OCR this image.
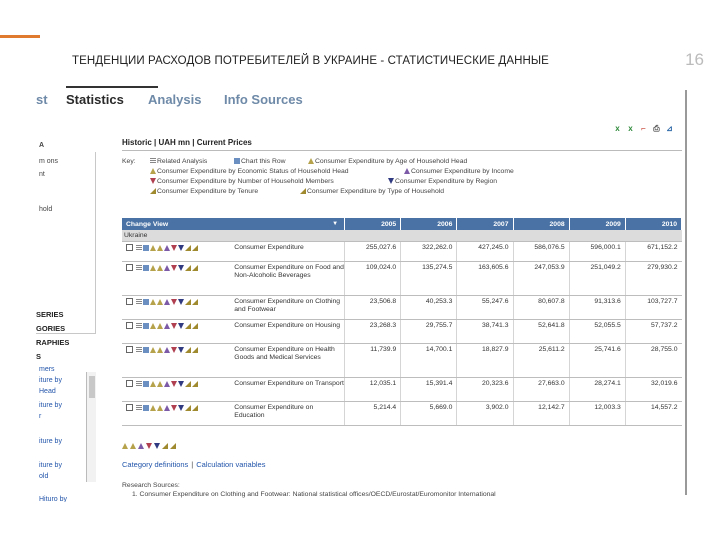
ТЕНДЕНЦИИ РАСХОДОВ ПОТРЕБИТЕЛЕЙ В УКРАИНЕ - СТАТИСТИЧЕСКИЕ ДАННЫЕ	16
st Statistics Analysis Info Sources
A
m ons
nt
hold
SERIES
GORIES
RAPHIES
S
mers
iture by
Head
iture by
r
iture by
iture by
old
Hituro by
x x ⌐ ⎙ ⊿
Historic | UAH mn | Current Prices
Key:	Related Analysis	Chart this Row	Consumer Expenditure by Age of Household Head
Consumer Expenditure by Economic Status of Household Head	Consumer Expenditure by Income
Consumer Expenditure by Number of Household Members	Consumer Expenditure by Region
Consumer Expenditure by Tenure	Consumer Expenditure by Type of Household
Change View ▼		2005	2006	2007	2008	2009	2010
Ukraine							
	Consumer Expenditure	255,027.6	322,262.0	427,245.0	586,076.5	596,000.1	671,152.2
	Consumer Expenditure on Food and Non-Alcoholic Beverages	109,024.0	135,274.5	163,605.6	247,053.9	251,049.2	279,930.2
	Consumer Expenditure on Clothing and Footwear	23,506.8	40,253.3	55,247.6	80,607.8	91,313.6	103,727.7
	Consumer Expenditure on Housing	23,268.3	29,755.7	38,741.3	52,641.8	52,055.5	57,737.2
	Consumer Expenditure on Health Goods and Medical Services	11,739.9	14,700.1	18,827.9	25,611.2	25,741.6	28,755.0
	Consumer Expenditure on Transport	12,035.1	15,391.4	20,323.6	27,663.0	28,274.1	32,019.6
	Consumer Expenditure on Education	5,214.4	5,669.0	3,902.0	12,142.7	12,003.3	14,557.2
Category definitions | Calculation variables
Research Sources:
1. Consumer Expenditure on Clothing and Footwear: National statistical offices/OECD/Eurostat/Euromonitor International
